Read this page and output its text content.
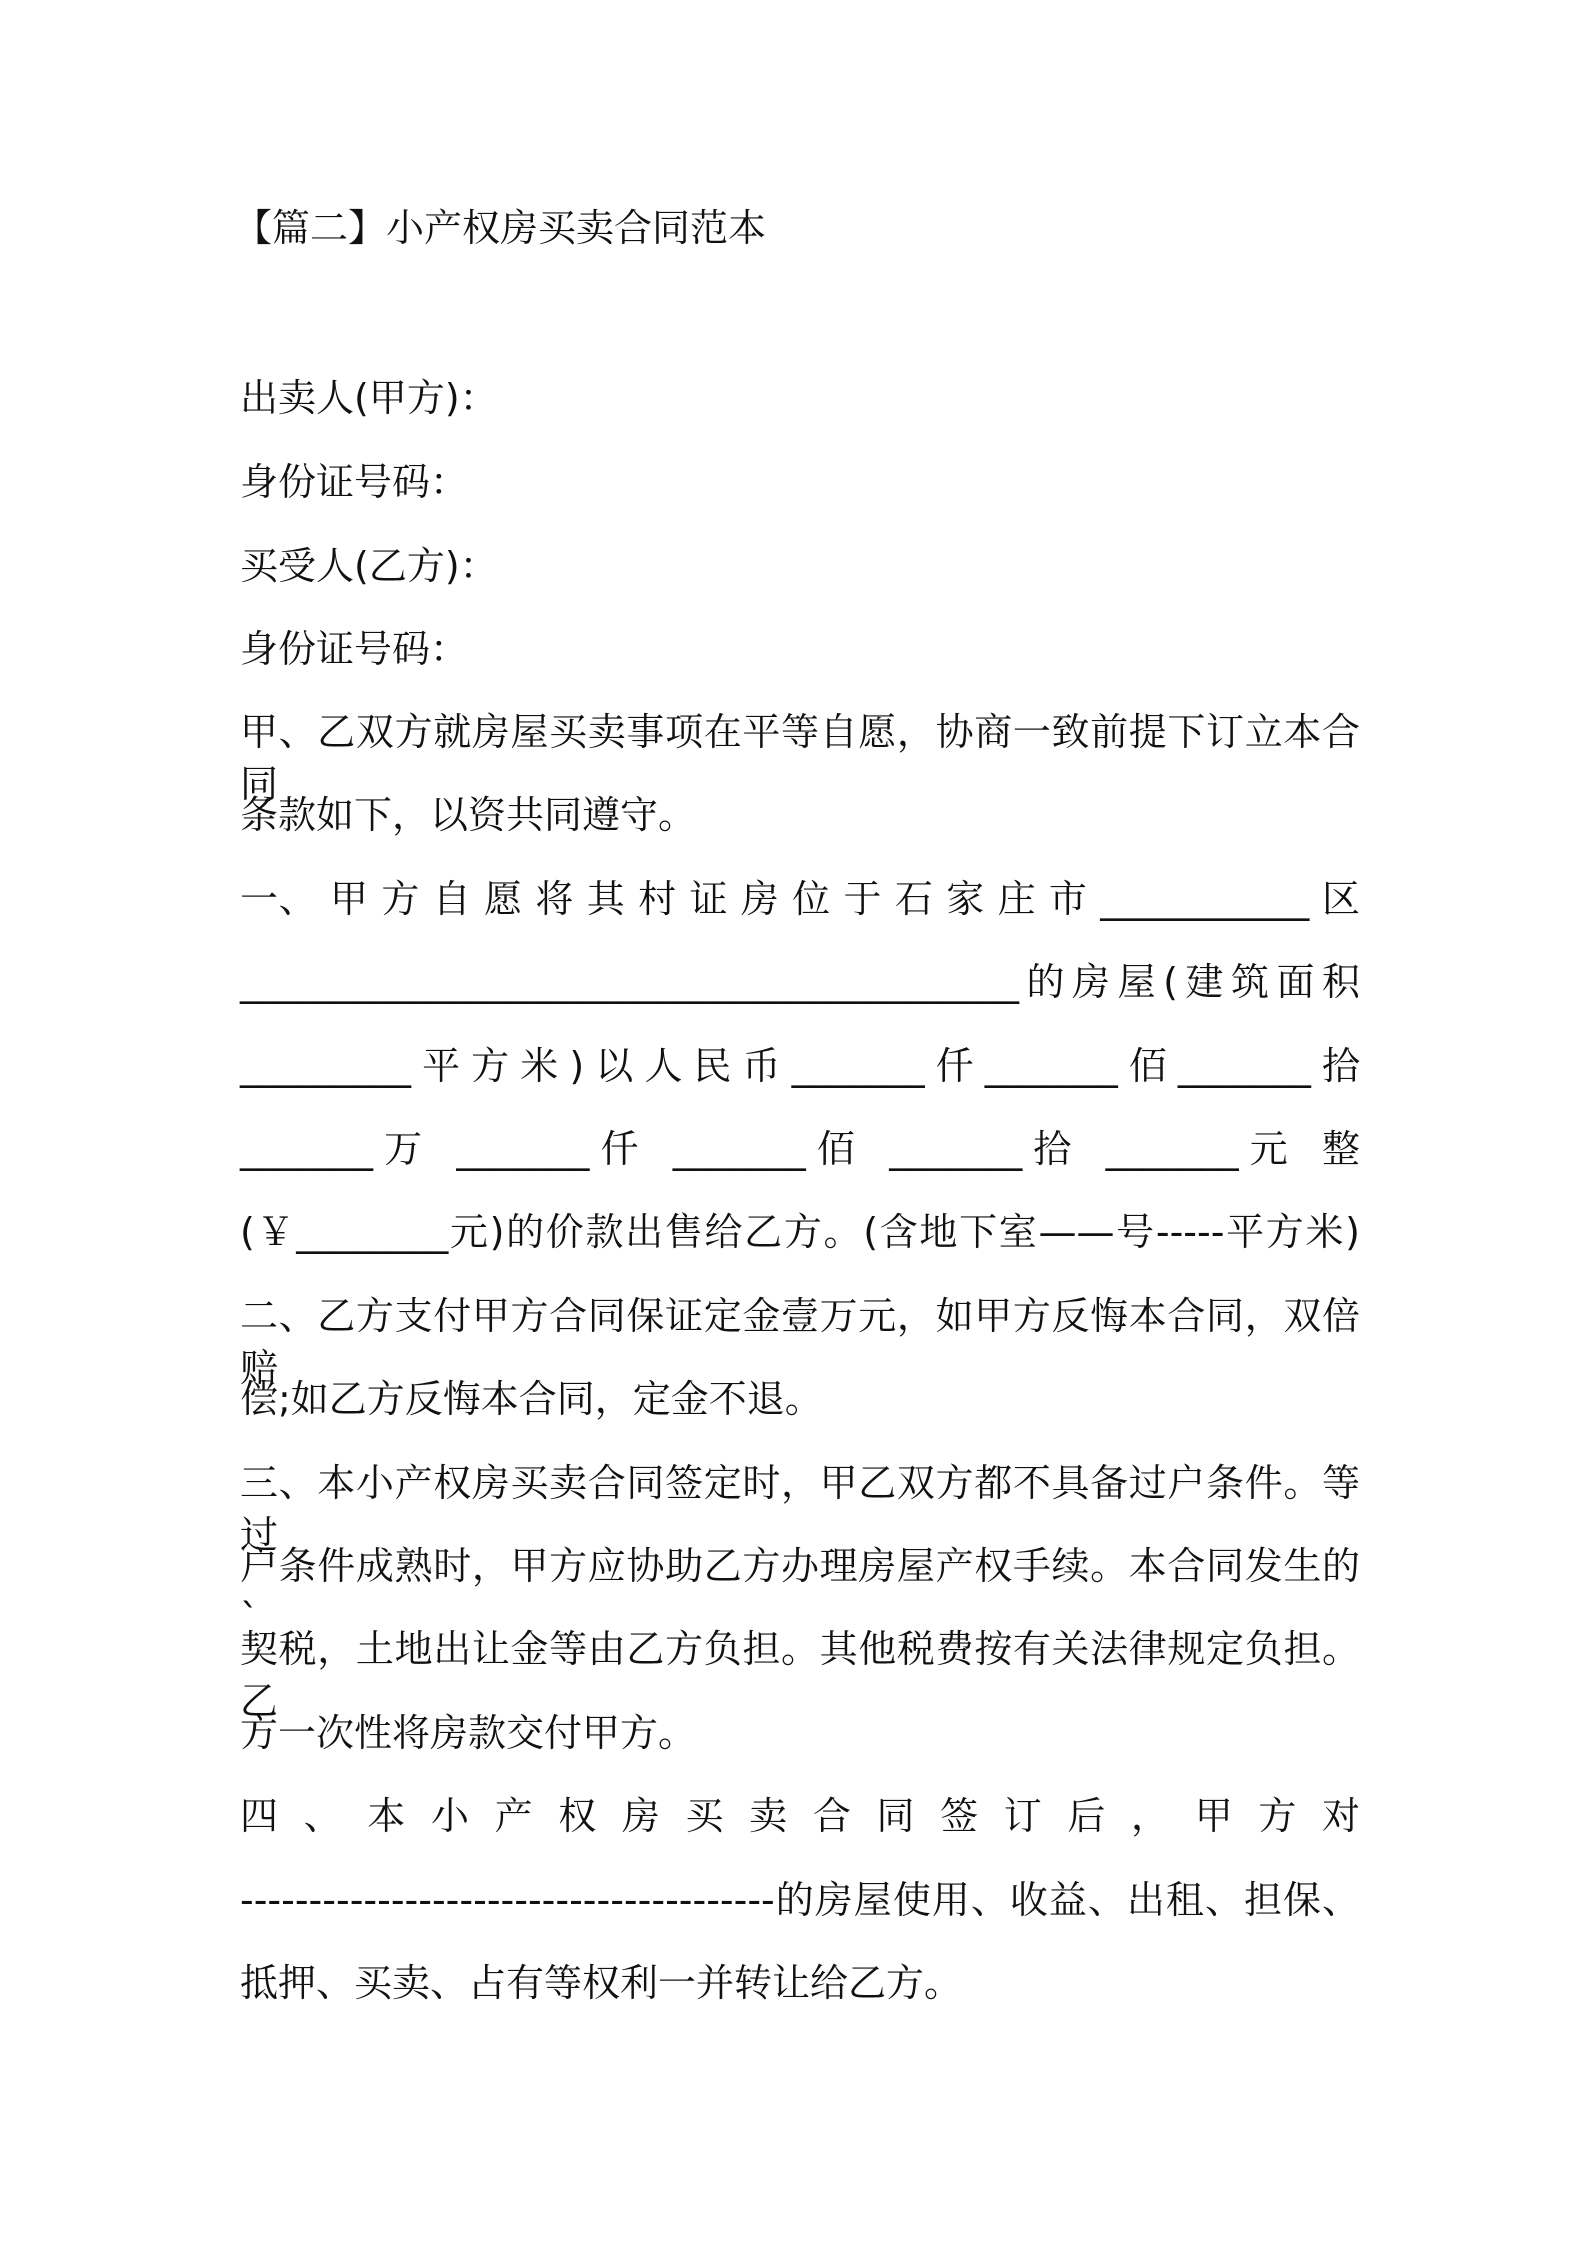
【篇二】小产权房买卖合同范本
出卖人(甲方)：
身份证号码：
买受人(乙方)：
身份证号码：
甲、乙双方就房屋买卖事项在平等自愿，协商一致前提下订立本合同
条款如下，以资共同遵守。
一、 甲 方 自 愿 将 其 村 证 房 位 于 石 家 庄 市 ___________ 区
_________________________________________的房屋(建筑面积
_________平方米)以人民币_______仟_______佰_______拾
_______万 _______仟 _______佰 _______拾 _______元 整
(￥________元)的价款出售给乙方。(含地下室——号-----平方米)
二、乙方支付甲方合同保证定金壹万元，如甲方反悔本合同，双倍赔
偿;如乙方反悔本合同，定金不退。
三、本小产权房买卖合同签定时，甲乙双方都不具备过户条件。等过
户条件成熟时，甲方应协助乙方办理房屋产权手续。本合同发生的`
契税，土地出让金等由乙方负担。其他税费按有关法律规定负担。乙
方一次性将房款交付甲方。
四 、 本 小 产 权 房 买 卖 合 同 签 订 后 ， 甲 方 对
---------------------------------------的房屋使用、收益、出租、担保、
抵押、买卖、占有等权利一并转让给乙方。
